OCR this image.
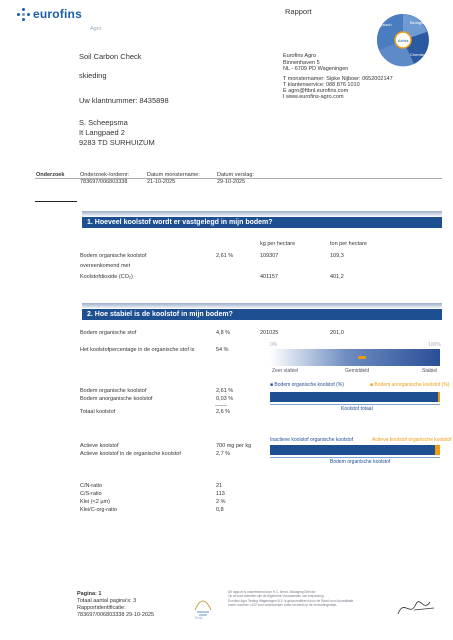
eurofins
Agro
Rapport
Fysisch	Biologisch
Chemisch
Advies
Soil Carbon Check
skieding
Uw klantnummer: 8435898
Eurofins Agro
Binnenhaven 5
NL - 6709 PD Wageningen
T monsternamer: Sipke Nijboer: 0652002147
T klantenservice: 088 876 1010
E agro@ftbnl.eurofins.com
I www.eurofins-agro.com
S. Scheepsma
It Langpaed 2
9283 TD SURHUIZUM
Onderzoek	Onderzoek-/ordernr:
783697/006803338
Datum monstername:
21-10-2025
Datum verslag:
29-10-2025
1. Hoeveel koolstof wordt er vastgelegd in mijn bodem?
kg per hectare	ton per hectare
Bodem organische koolstof	2,61 %	109307	109,3
overeenkomend met
Koolstofdioxide (CO₂)	401157	401,2
2. Hoe stabiel is de koolstof in mijn bodem?
Bodem organische stof	4,8 %	201025	201,0
Het koolstofpercentage in de organische stof is	54 %
0%	100%
Zeer stabiel	Gemiddeld	Stabiel
Bodem organische koolstof	2,61 %
Bodem anorganische koolstof	0,03 %
Totaal koolstof	2,6 %
■ Bodem organische koolstof (%)	■ Bodem anorganische koolstof (%)
Koolstof totaal
Actieve koolstof	700 mg per kg
Actieve koolstof in de organische koolstof	2,7 %
Inactieve koolstof organische koolstof	Actieve koolstof organische koolstof
Bodem organische koolstof
C/N-ratio	21
C/S-ratio	113
Klei (<2 µm)	2 %
Klei/C-org-ratio	0,8
Pagina: 1
Totaal aantal pagina's: 3
Rapportidentificatie:
783697/006803338 29-10-2025	RvA
Dit rapport is ondertekend door H.C. Bernt, Managing Director
Op al onze diensten zijn de Algemene Voorwaarden van toepassing.
Eurofins Agro Testing Wageningen B.V. is geaccrediteerd door de Raad voor Accreditatie
onder nummer L122 voor onderzoeken zoals vermeld op de verrichtingenlijst.
